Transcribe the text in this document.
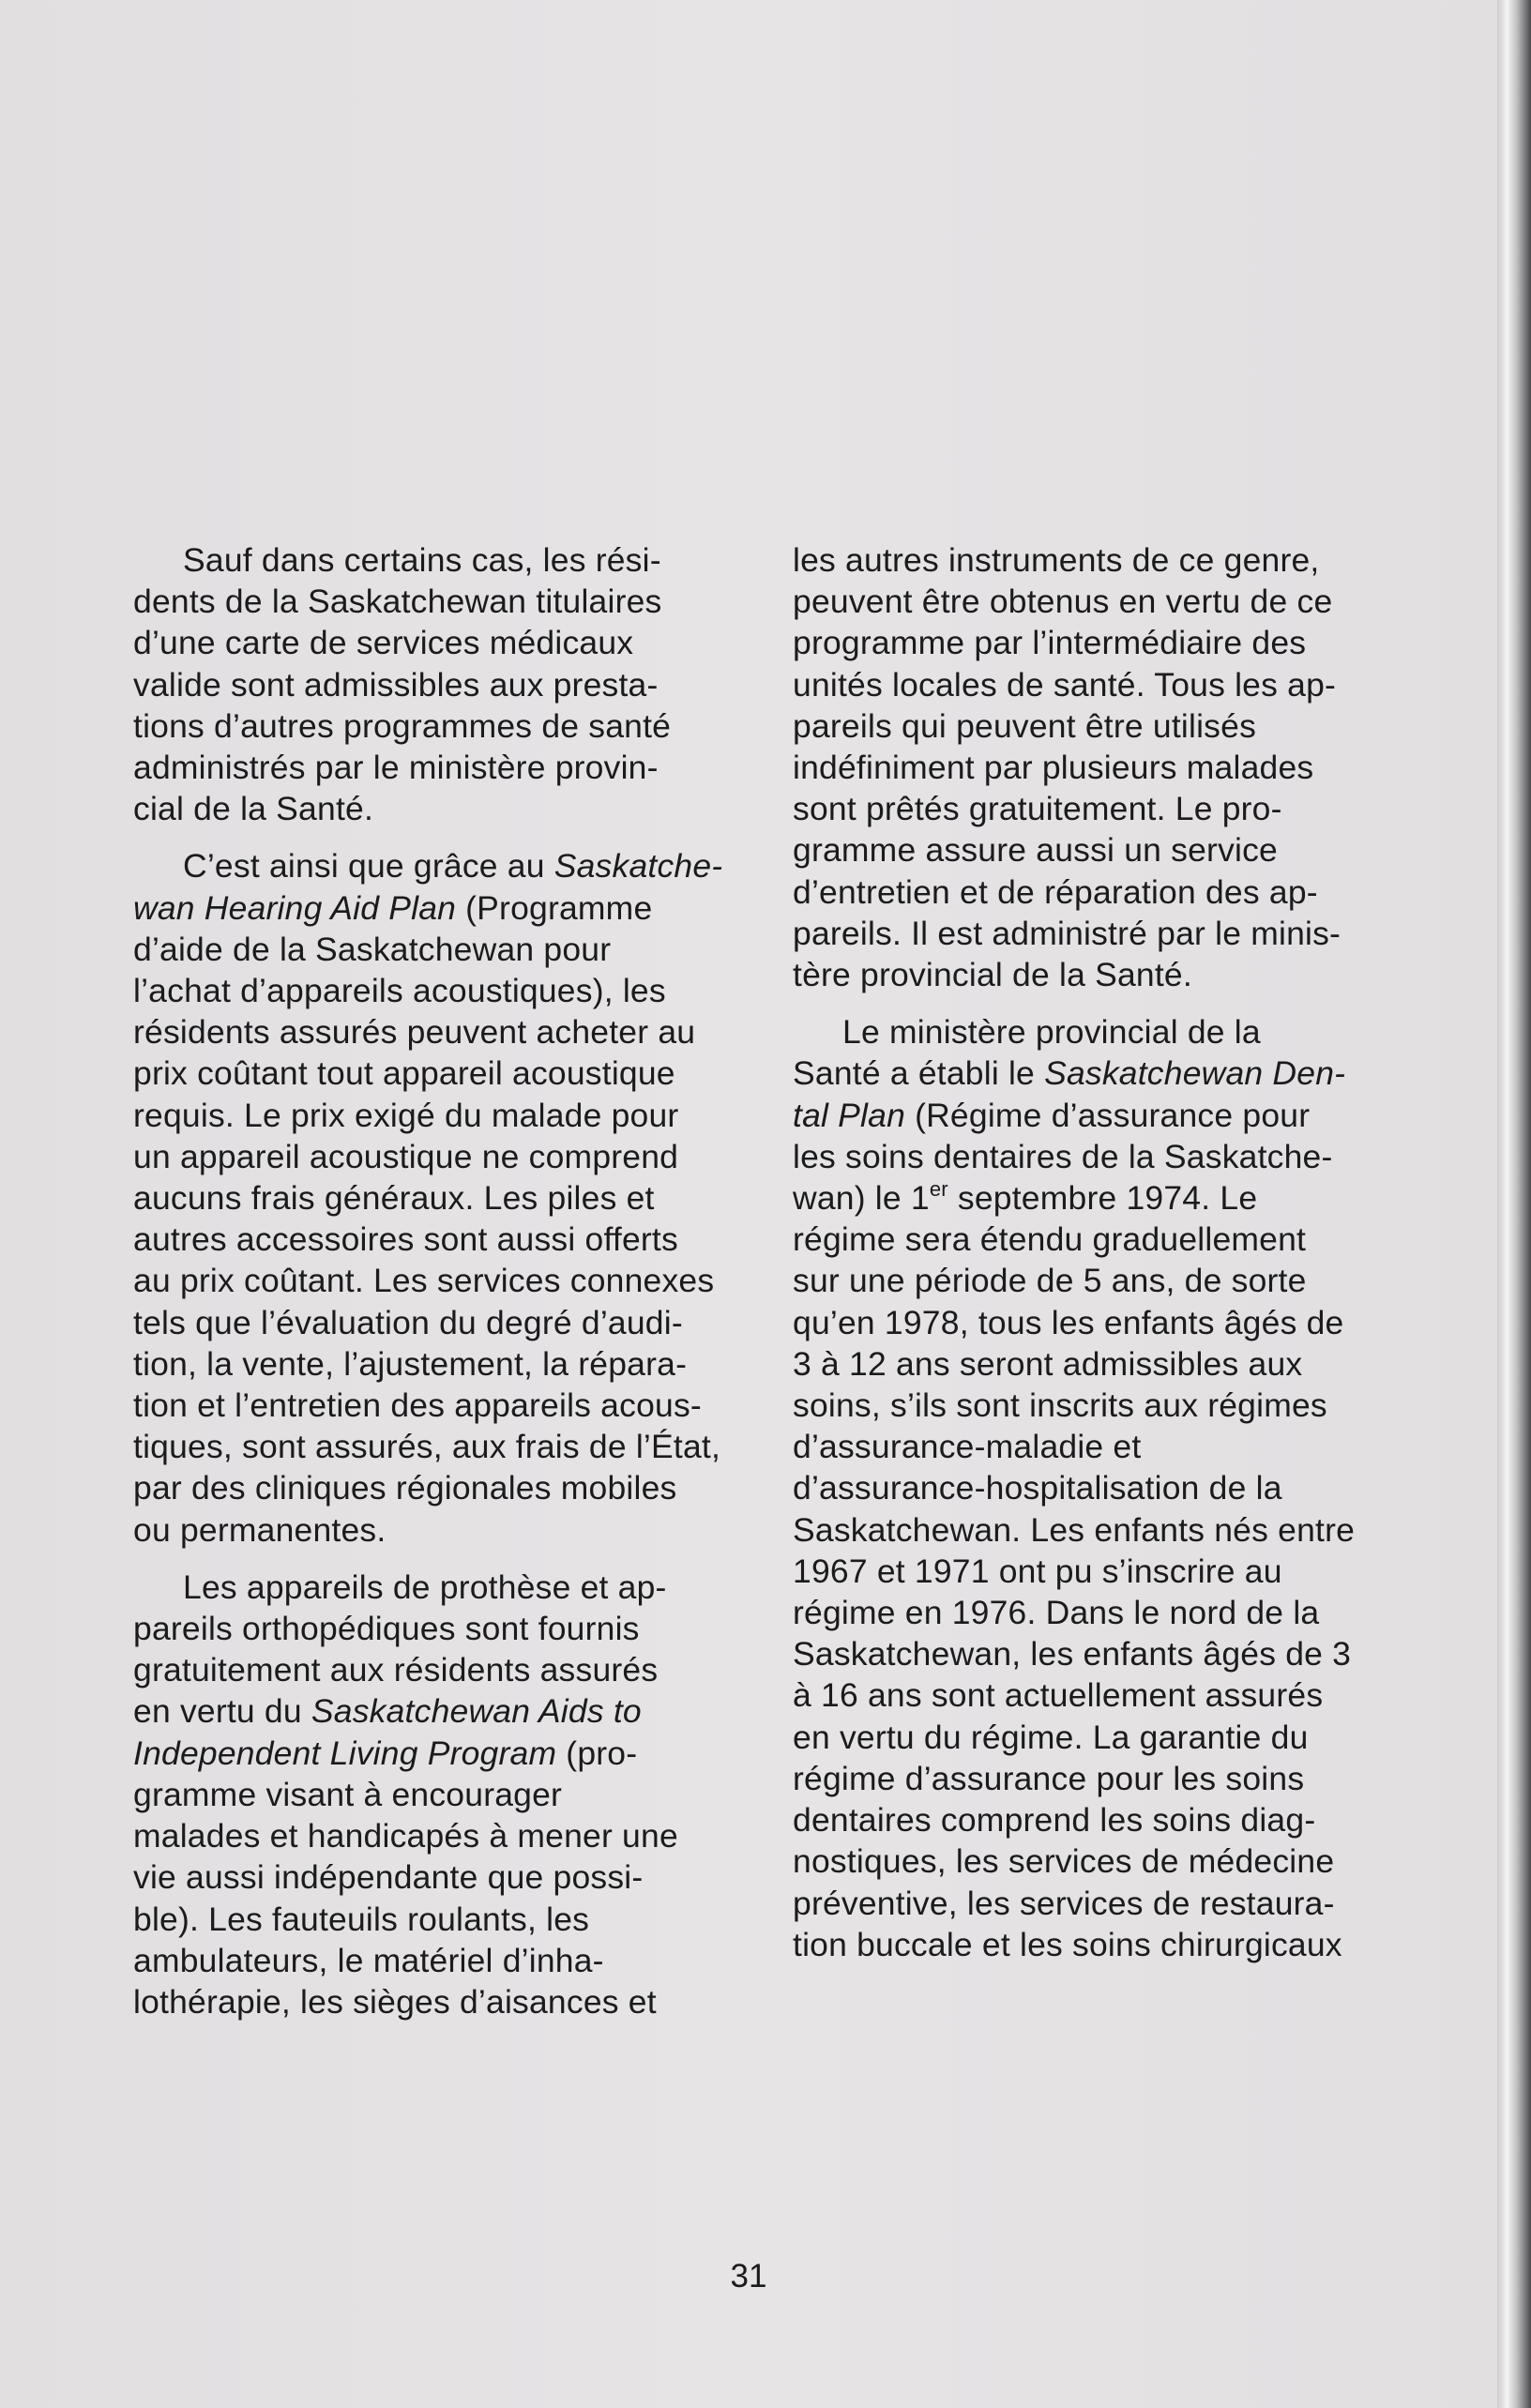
Sauf dans certains cas, les rési-
dents de la Saskatchewan titulaires
d’une carte de services médicaux
valide sont admissibles aux presta-
tions d’autres programmes de santé
administrés par le ministère provin-
cial de la Santé.

C’est ainsi que grâce au Saskatche-
wan Hearing Aid Plan (Programme
d’aide de la Saskatchewan pour
l’achat d’appareils acoustiques), les
résidents assurés peuvent acheter au
prix coûtant tout appareil acoustique
requis. Le prix exigé du malade pour
un appareil acoustique ne comprend
aucuns frais généraux. Les piles et
autres accessoires sont aussi offerts
au prix coûtant. Les services connexes
tels que l’évaluation du degré d’audi-
tion, la vente, l’ajustement, la répara-
tion et l’entretien des appareils acous-
tiques, sont assurés, aux frais de l’État,
par des cliniques régionales mobiles
ou permanentes.

Les appareils de prothèse et ap-
pareils orthopédiques sont fournis
gratuitement aux résidents assurés
en vertu du Saskatchewan Aids to
Independent Living Program (pro-
gramme visant à encourager
malades et handicapés à mener une
vie aussi indépendante que possi-
ble). Les fauteuils roulants, les
ambulateurs, le matériel d’inha-
lothérapie, les sièges d’aisances et

les autres instruments de ce genre,
peuvent être obtenus en vertu de ce
programme par l’intermédiaire des
unités locales de santé. Tous les ap-
pareils qui peuvent être utilisés
indéfiniment par plusieurs malades
sont prêtés gratuitement. Le pro-
gramme assure aussi un service
d’entretien et de réparation des ap-
pareils. Il est administré par le minis-
tère provincial de la Santé.

Le ministère provincial de la
Santé a établi le Saskatchewan Den-
tal Plan (Régime d’assurance pour
les soins dentaires de la Saskatche-
wan) le 1er septembre 1974. Le
régime sera étendu graduellement
sur une période de 5 ans, de sorte
qu’en 1978, tous les enfants âgés de
3 à 12 ans seront admissibles aux
soins, s’ils sont inscrits aux régimes
d’assurance-maladie et
d’assurance-hospitalisation de la
Saskatchewan. Les enfants nés entre
1967 et 1971 ont pu s’inscrire au
régime en 1976. Dans le nord de la
Saskatchewan, les enfants âgés de 3
à 16 ans sont actuellement assurés
en vertu du régime. La garantie du
régime d’assurance pour les soins
dentaires comprend les soins diag-
nostiques, les services de médecine
préventive, les services de restaura-
tion buccale et les soins chirurgicaux

31
